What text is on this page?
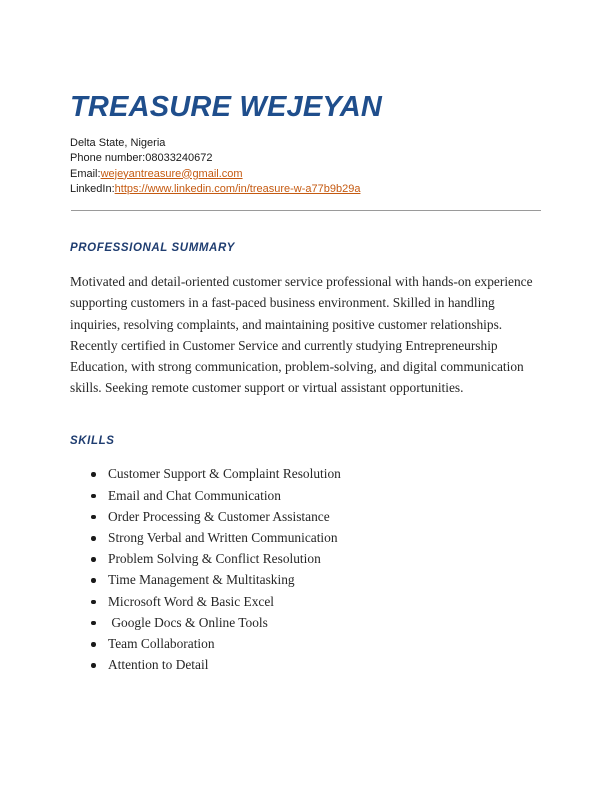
TREASURE WEJEYAN
Delta State, Nigeria
Phone number:08033240672
Email:wejeyantreasure@gmail.com
LinkedIn:https://www.linkedin.com/in/treasure-w-a77b9b29a
PROFESSIONAL SUMMARY

Motivated and detail-oriented customer service professional with hands-on experience supporting customers in a fast-paced business environment. Skilled in handling inquiries, resolving complaints, and maintaining positive customer relationships. Recently certified in Customer Service and currently studying Entrepreneurship Education, with strong communication, problem-solving, and digital communication skills. Seeking remote customer support or virtual assistant opportunities.

SKILLS
Customer Support & Complaint Resolution
Email and Chat Communication
Order Processing & Customer Assistance
Strong Verbal and Written Communication
Problem Solving & Conflict Resolution
Time Management & Multitasking
Microsoft Word & Basic Excel
Google Docs & Online Tools
Team Collaboration
Attention to Detail
